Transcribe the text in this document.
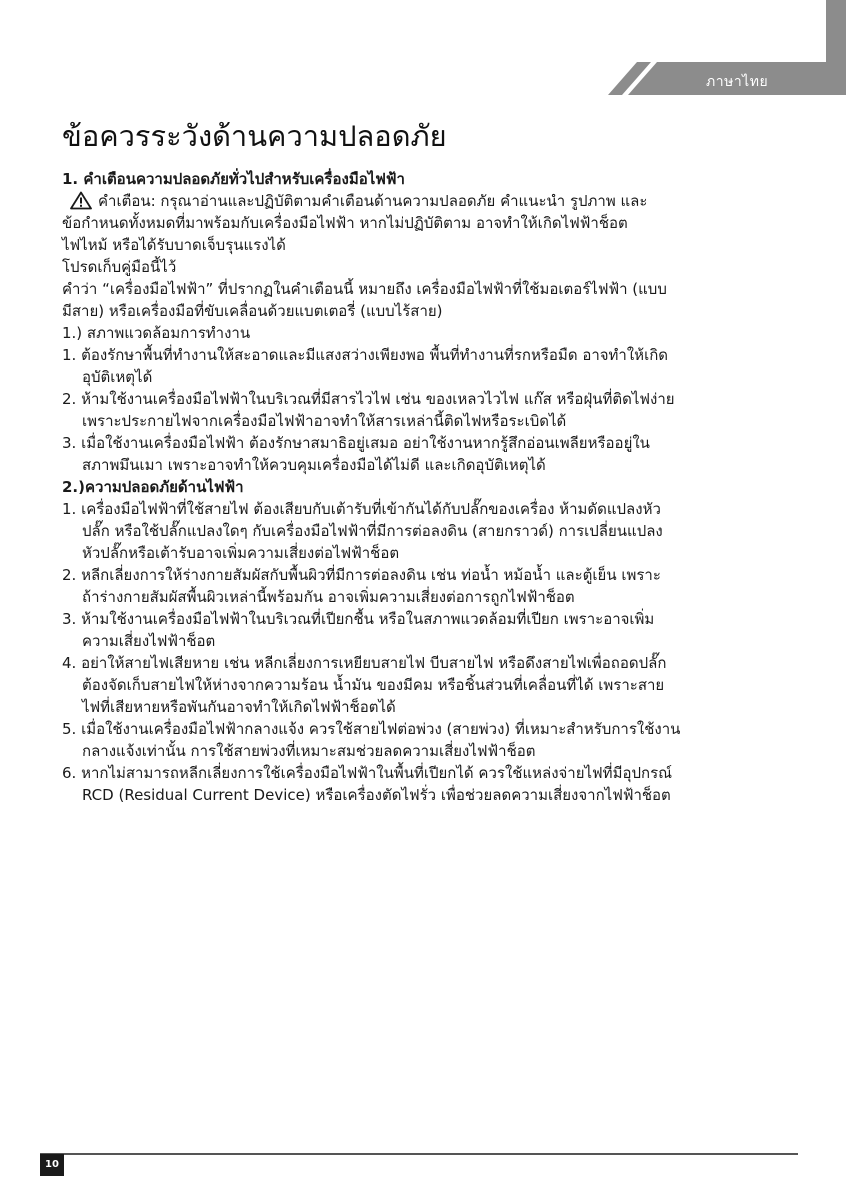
ภาษาไทย
ข้อควรระวังด้านความปลอดภัย

1. คำเตือนความปลอดภัยทั่วไปสำหรับเครื่องมือไฟฟ้า

คำเตือน: กรุณาอ่านและปฏิบัติตามคำเตือนด้านความปลอดภัย คำแนะนำ รูปภาพ และ
ข้อกำหนดทั้งหมดที่มาพร้อมกับเครื่องมือไฟฟ้า หากไม่ปฏิบัติตาม อาจทำให้เกิดไฟฟ้าช็อต
ไฟไหม้ หรือได้รับบาดเจ็บรุนแรงได้

โปรดเก็บคู่มือนี้ไว้

คำว่า “เครื่องมือไฟฟ้า” ที่ปรากฏในคำเตือนนี้ หมายถึง เครื่องมือไฟฟ้าที่ใช้มอเตอร์ไฟฟ้า (แบบ
มีสาย) หรือเครื่องมือที่ขับเคลื่อนด้วยแบตเตอรี่ (แบบไร้สาย)

1.) สภาพแวดล้อมการทำงาน

1. ต้องรักษาพื้นที่ทำงานให้สะอาดและมีแสงสว่างเพียงพอ พื้นที่ทำงานที่รกหรือมืด อาจทำให้เกิด
อุบัติเหตุได้
2. ห้ามใช้งานเครื่องมือไฟฟ้าในบริเวณที่มีสารไวไฟ เช่น ของเหลวไวไฟ แก๊ส หรือฝุ่นที่ติดไฟง่าย
เพราะประกายไฟจากเครื่องมือไฟฟ้าอาจทำให้สารเหล่านี้ติดไฟหรือระเบิดได้
3. เมื่อใช้งานเครื่องมือไฟฟ้า ต้องรักษาสมาธิอยู่เสมอ อย่าใช้งานหากรู้สึกอ่อนเพลียหรืออยู่ใน
สภาพมึนเมา เพราะอาจทำให้ควบคุมเครื่องมือได้ไม่ดี และเกิดอุบัติเหตุได้

2.)ความปลอดภัยด้านไฟฟ้า

1. เครื่องมือไฟฟ้าที่ใช้สายไฟ ต้องเสียบกับเต้ารับที่เข้ากันได้กับปลั๊กของเครื่อง ห้ามดัดแปลงหัว
ปลั๊ก หรือใช้ปลั๊กแปลงใดๆ กับเครื่องมือไฟฟ้าที่มีการต่อลงดิน (สายกราวด์) การเปลี่ยนแปลง
หัวปลั๊กหรือเต้ารับอาจเพิ่มความเสี่ยงต่อไฟฟ้าช็อต
2. หลีกเลี่ยงการให้ร่างกายสัมผัสกับพื้นผิวที่มีการต่อลงดิน เช่น ท่อน้ำ หม้อน้ำ และตู้เย็น เพราะ
ถ้าร่างกายสัมผัสพื้นผิวเหล่านี้พร้อมกัน อาจเพิ่มความเสี่ยงต่อการถูกไฟฟ้าช็อต
3. ห้ามใช้งานเครื่องมือไฟฟ้าในบริเวณที่เปียกชื้น หรือในสภาพแวดล้อมที่เปียก เพราะอาจเพิ่ม
ความเสี่ยงไฟฟ้าช็อต
4. อย่าให้สายไฟเสียหาย เช่น หลีกเลี่ยงการเหยียบสายไฟ บีบสายไฟ หรือดึงสายไฟเพื่อถอดปลั๊ก
ต้องจัดเก็บสายไฟให้ห่างจากความร้อน น้ำมัน ของมีคม หรือชิ้นส่วนที่เคลื่อนที่ได้ เพราะสาย
ไฟที่เสียหายหรือพันกันอาจทำให้เกิดไฟฟ้าช็อตได้
5. เมื่อใช้งานเครื่องมือไฟฟ้ากลางแจ้ง ควรใช้สายไฟต่อพ่วง (สายพ่วง) ที่เหมาะสำหรับการใช้งาน
กลางแจ้งเท่านั้น การใช้สายพ่วงที่เหมาะสมช่วยลดความเสี่ยงไฟฟ้าช็อต
6. หากไม่สามารถหลีกเลี่ยงการใช้เครื่องมือไฟฟ้าในพื้นที่เปียกได้ ควรใช้แหล่งจ่ายไฟที่มีอุปกรณ์
RCD (Residual Current Device) หรือเครื่องตัดไฟรั่ว เพื่อช่วยลดความเสี่ยงจากไฟฟ้าช็อต
10
